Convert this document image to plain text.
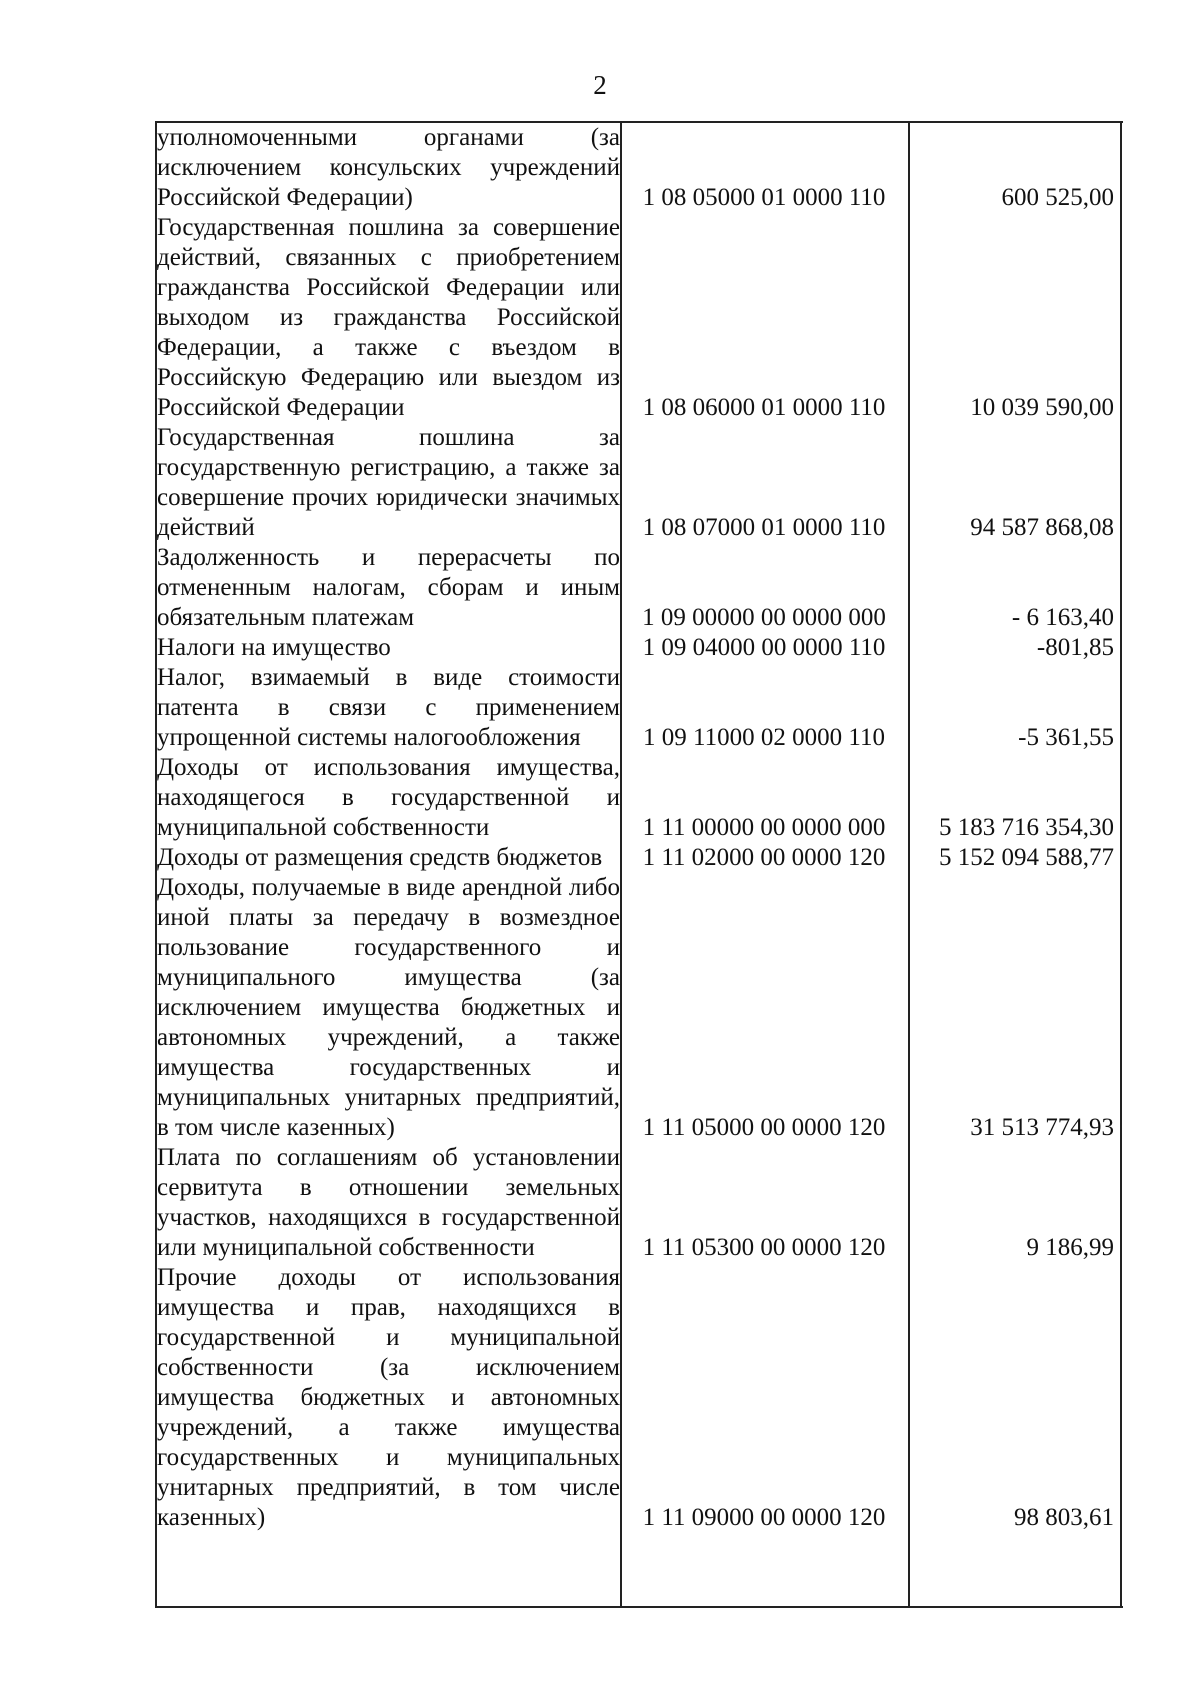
2
уполномоченными органами (за исключением консульских учреждений Российской Федерации)	1 08 05000 01 0000 110	600 525,00
Государственная пошлина за совершение действий, связанных с приобретением гражданства Российской Федерации или выходом из гражданства Российской Федерации, а также с въездом в Российскую Федерацию или выездом из Российской Федерации	1 08 06000 01 0000 110	10 039 590,00
Государственная пошлина за государственную регистрацию, а также за совершение прочих юридически значимых действий	1 08 07000 01 0000 110	94 587 868,08
Задолженность и перерасчеты по отмененным налогам, сборам и иным обязательным платежам	1 09 00000 00 0000 000	- 6 163,40
Налоги на имущество	1 09 04000 00 0000 110	-801,85
Налог, взимаемый в виде стоимости патента в связи с применением упрощенной системы налогообложения	1 09 11000 02 0000 110	-5 361,55
Доходы от использования имущества, находящегося в государственной и муниципальной собственности	1 11 00000 00 0000 000	5 183 716 354,30
Доходы от размещения средств бюджетов	1 11 02000 00 0000 120	5 152 094 588,77
Доходы, получаемые в виде арендной либо иной платы за передачу в возмездное пользование государственного и муниципального имущества (за исключением имущества бюджетных и автономных учреждений, а также имущества государственных и муниципальных унитарных предприятий, в том числе казенных)	1 11 05000 00 0000 120	31 513 774,93
Плата по соглашениям об установлении сервитута в отношении земельных участков, находящихся в государственной или муниципальной собственности	1 11 05300 00 0000 120	9 186,99
Прочие доходы от использования имущества и прав, находящихся в государственной и муниципальной собственности (за исключением имущества бюджетных и автономных учреждений, а также имущества государственных и муниципальных унитарных предприятий, в том числе казенных)	1 11 09000 00 0000 120	98 803,61
